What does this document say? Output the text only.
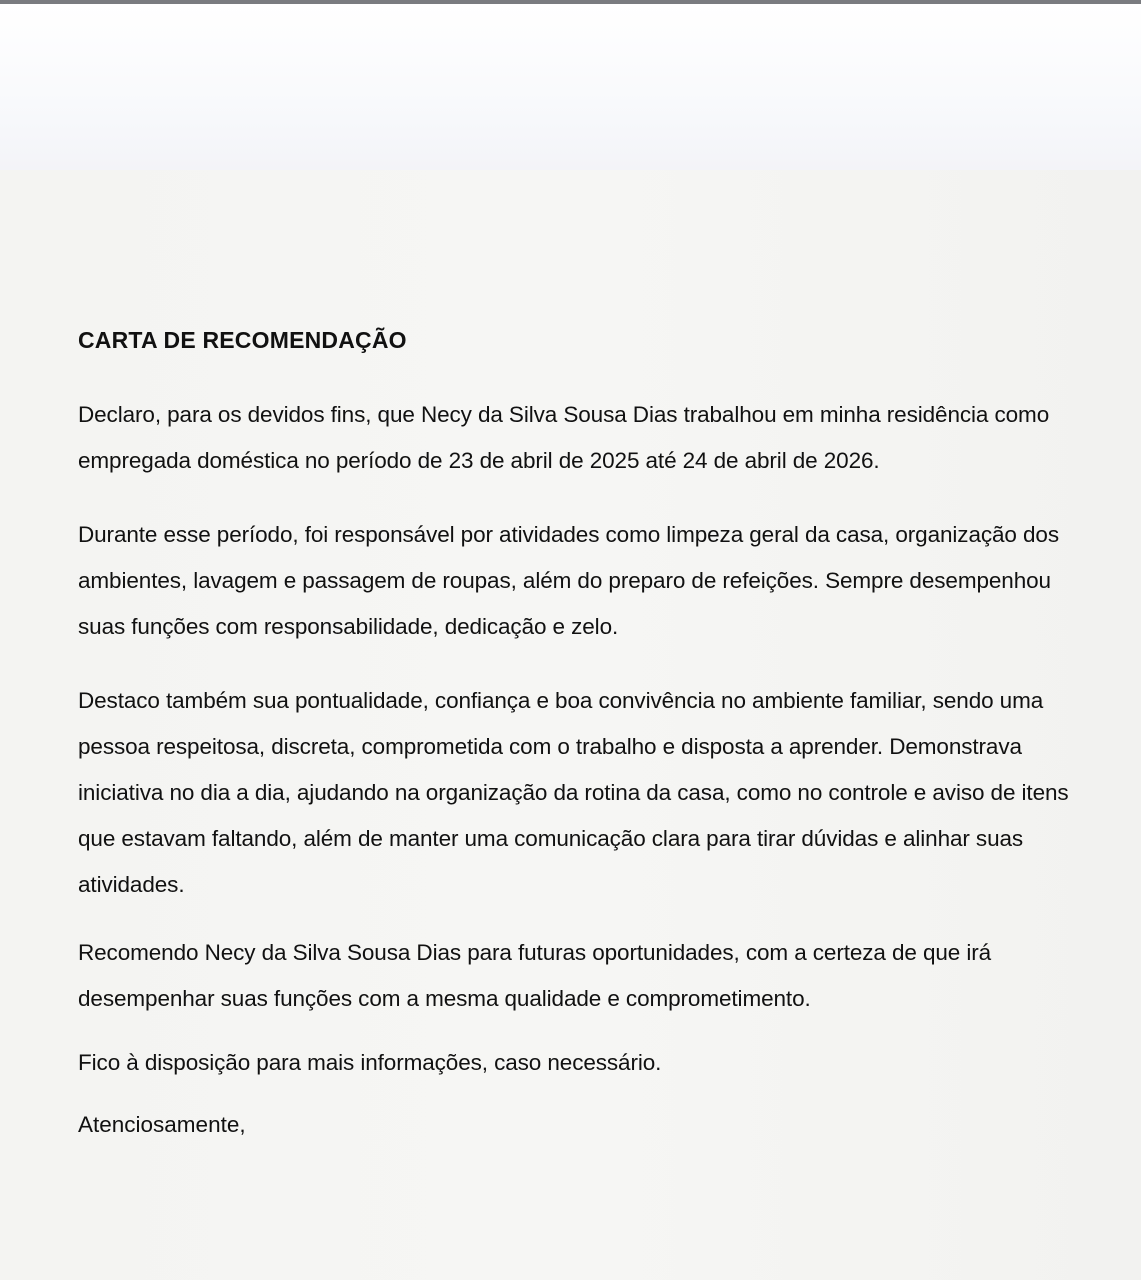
CARTA DE RECOMENDAÇÃO

Declaro, para os devidos fins, que Necy da Silva Sousa Dias trabalhou em minha residência como empregada doméstica no período de 23 de abril de 2025 até 24 de abril de 2026.

Durante esse período, foi responsável por atividades como limpeza geral da casa, organização dos ambientes, lavagem e passagem de roupas, além do preparo de refeições. Sempre desempenhou suas funções com responsabilidade, dedicação e zelo.

Destaco também sua pontualidade, confiança e boa convivência no ambiente familiar, sendo uma pessoa respeitosa, discreta, comprometida com o trabalho e disposta a aprender. Demonstrava iniciativa no dia a dia, ajudando na organização da rotina da casa, como no controle e aviso de itens que estavam faltando, além de manter uma comunicação clara para tirar dúvidas e alinhar suas atividades.

Recomendo Necy da Silva Sousa Dias para futuras oportunidades, com a certeza de que irá desempenhar suas funções com a mesma qualidade e comprometimento.

Fico à disposição para mais informações, caso necessário.

Atenciosamente,
